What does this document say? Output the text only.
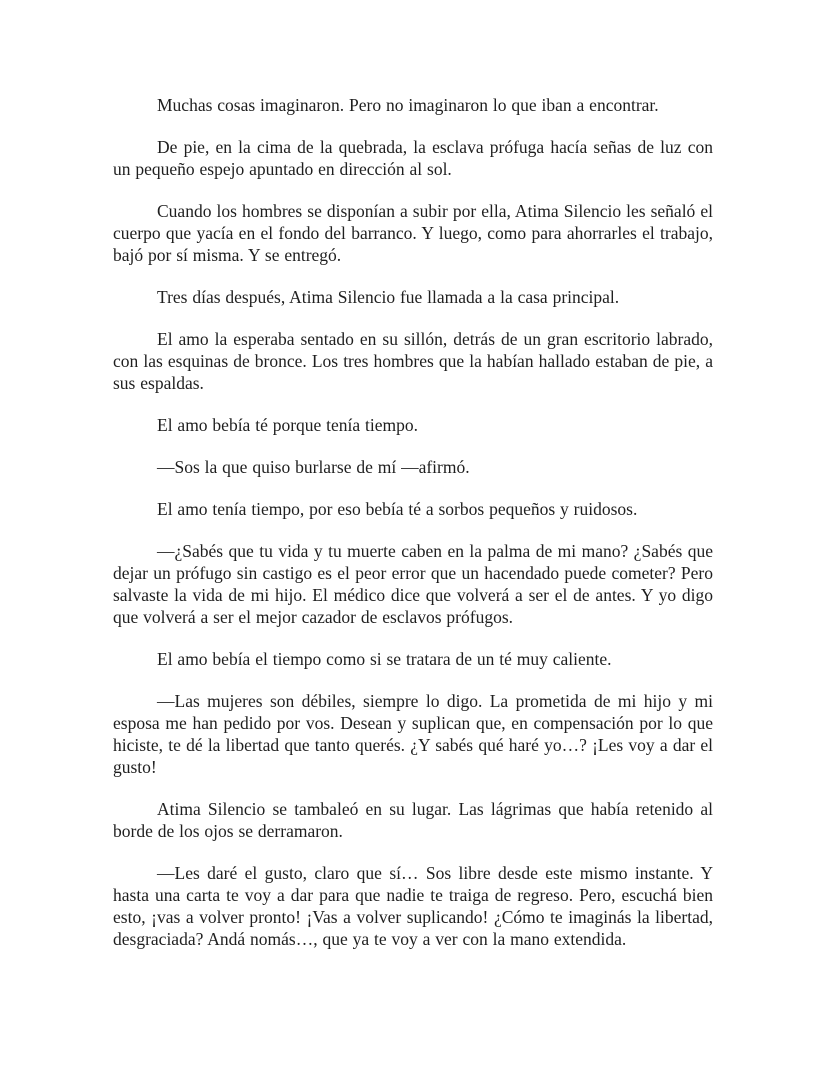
Muchas cosas imaginaron. Pero no imaginaron lo que iban a encontrar.

De pie, en la cima de la quebrada, la esclava prófuga hacía señas de luz con un pequeño espejo apuntado en dirección al sol.

Cuando los hombres se disponían a subir por ella, Atima Silencio les señaló el cuerpo que yacía en el fondo del barranco. Y luego, como para ahorrarles el trabajo, bajó por sí misma. Y se entregó.

Tres días después, Atima Silencio fue llamada a la casa principal.

El amo la esperaba sentado en su sillón, detrás de un gran escritorio labrado, con las esquinas de bronce. Los tres hombres que la habían hallado estaban de pie, a sus espaldas.

El amo bebía té porque tenía tiempo.

—Sos la que quiso burlarse de mí —afirmó.

El amo tenía tiempo, por eso bebía té a sorbos pequeños y ruidosos.

—¿Sabés que tu vida y tu muerte caben en la palma de mi mano? ¿Sabés que dejar un prófugo sin castigo es el peor error que un hacendado puede cometer? Pero salvaste la vida de mi hijo. El médico dice que volverá a ser el de antes. Y yo digo que volverá a ser el mejor cazador de esclavos prófugos.

El amo bebía el tiempo como si se tratara de un té muy caliente.

—Las mujeres son débiles, siempre lo digo. La prometida de mi hijo y mi esposa me han pedido por vos. Desean y suplican que, en compensación por lo que hiciste, te dé la libertad que tanto querés. ¿Y sabés qué haré yo…? ¡Les voy a dar el gusto!

Atima Silencio se tambaleó en su lugar. Las lágrimas que había retenido al borde de los ojos se derramaron.

—Les daré el gusto, claro que sí… Sos libre desde este mismo instante. Y hasta una carta te voy a dar para que nadie te traiga de regreso. Pero, escuchá bien esto, ¡vas a volver pronto! ¡Vas a volver suplicando! ¿Cómo te imaginás la libertad, desgraciada? Andá nomás…, que ya te voy a ver con la mano extendida.
